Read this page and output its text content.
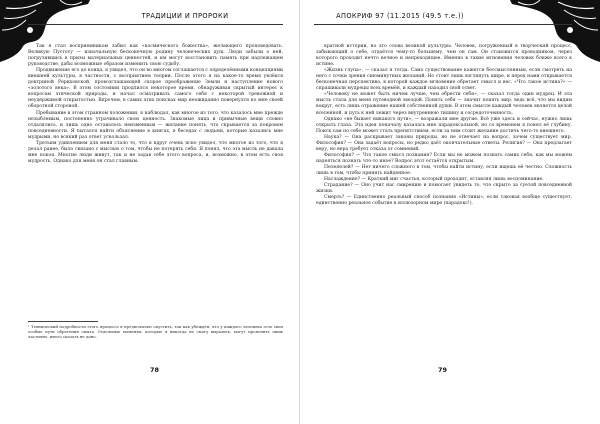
ТРАДИЦИИ И ПРОРОКИ

Так я стал восприемником забил как «космического божества», желающего проповедовать. Великую Пустоту — изначальную бесконечную родину человеческих душ. Люди забыли о ней, погрузившись в призы материальных ценностей, и им могут восстановить память при надлежащем руководстве, дабы возможные образом изменить свою судьбу.

Продвижение его до конца, я увидел, что он во многом соглашается с определёнными концепциями внешней культуры, в частности, с восприятием теории. После этого я на какое-то время увлёкся доктриной Рериховской, провозглашающей скорое преображение Земли и наступление нового «золотого века». В этом состоянии продлился некоторое время, обнаруживая скрытый интерес к вопросам этической природы, и начал осматривать самого себя с некоторой тревожной и неудержимой открытостью. Впрочем, в самих этих поисках мир неожиданно повернулся ко мне своей оборотной стороной.

Пребывание в этом странном положении, я наблюдал, как многое из того, что казалось мне прежде незыблемым, постепенно утрачивало свою ценность. Знакомые лица и привычные вещи словно отдалялись, и лишь одно оставалось неизменным — желание понять, что скрывается за покровом повседневности. Я пытался найти объяснение в книгах, в беседах с людьми, которые казались мне мудрыми, но всякий раз ответ ускользал.

Третьим удивлением для меня стало то, что я вдруг очень ясно увидел, что многое из того, что я делал ранее, было связано с мыслью о том, чтобы не потерять себя. Я понял, что эта мысль не давала мне покоя. Многие люди живут, так и не задав себе этого вопроса, и, возможно, в этом есть своя мудрость. Однако для меня он стал главным.

¹ Технический подробности этого процесса я предпочитаю опустить, так как убеждён, что у каждого человека есть свои особые пути обретения опыта. Отдельные моменты, которые я никогда не смогу выразить, могут прояснить лишь частично, иного сказать не дано.

78
АПОКРИФ 97 (11.2015 (49.5 т.е.))

кратной истории, но это слова великой культуры. Человек, погруженный в творческий процесс, забывающий о себе, отдаётся чему-то большему, чем он сам. Он становится проводником, через которого проходит нечто вечное и непреходящее. Именно в такие мгновения человек ближе всего к истине.

«Жизнь глупа», — сказал я тогда. Само существование кажется бессмысленным, если смотреть на него с точки зрения сиюминутных желаний. Но стоит лишь взглянуть шире, и перед нами открывается бесконечная перспектива, в которой каждое мгновение обретает смысл и вес. «Что такое истина?» — спрашивали мудрецы всех времён, и каждый находил свой ответ.

«Человеку не может быть ничем лучше, чем обрести себя», — сказал тогда один мудрец. И эта мысль стала для меня путеводной звездой. Понять себя — значит понять мир, ведь всё, что мы видим вокруг, есть лишь отражение нашей собственной души. В этом смысле каждый человек является целой вселенной, и путь к ней лежит через внутреннюю тишину и сосредоточенность.

Однако «не бывает никакого пути», — возражали мне другие. Всё уже здесь и сейчас, нужно лишь открыть глаза. Эта идея поначалу казалась мне парадоксальной, но со временем я понял её глубину. Поиск сам по себе может стать препятствием, если за ним стоит желание достичь чего-то внешнего.

Наука? — Она раскрывает законы природы, но не отвечает на вопрос, зачем существует мир. Философия? — Она задаёт вопросы, но редко даёт окончательные ответы. Религия? — Она предлагает веру, но вера требует отказа от сомнений.

Философия? — Что такое смысл познания? Если мы не можем познать самих себя, как мы можем надеяться познать что-то иное? Вопрос этот остаётся открытым.

Пелепелей? — Нет ничего сложного в том, чтобы найти истину, если ищешь её честно. Сложность лишь в том, чтобы принять найденное.

Наслаждение? — Краткий миг счастья, который проходит, оставляя лишь воспоминание.

Страдание? — Оно учит нас смирению и помогает увидеть то, что скрыто за суетой повседневной жизни.

Смерть? — Единственно реальный способ познания «Истины», если таковая вообще существует, единственно реальное событие в иллюзорном мире (парадокс!).

79
